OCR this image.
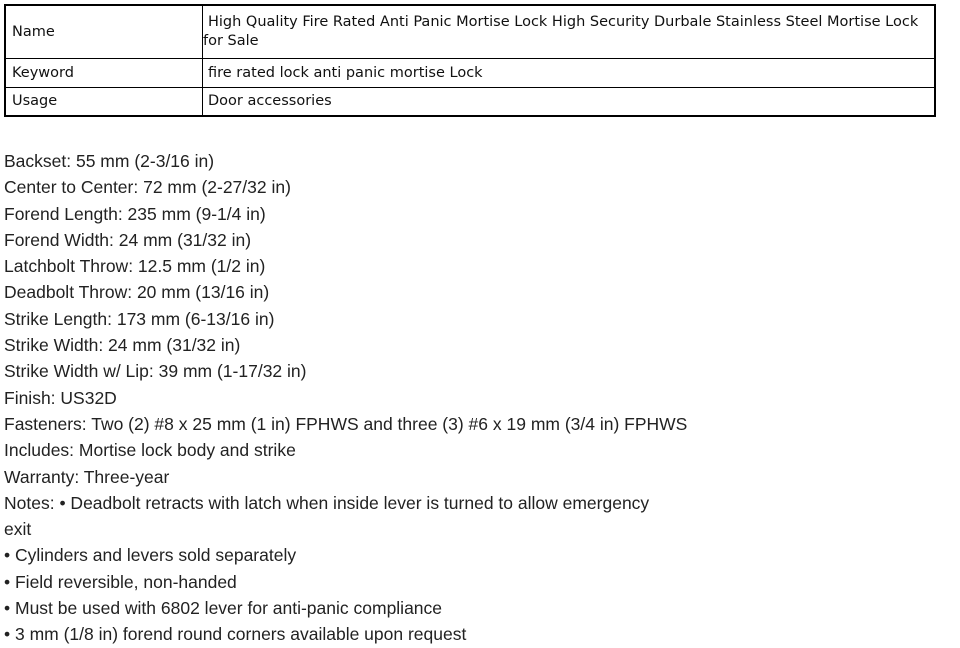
Name	High Quality Fire Rated Anti Panic Mortise Lock High Security Durbale Stainless Steel Mortise Lock for Sale
Keyword	fire rated lock anti panic mortise Lock
Usage	Door accessories
Backset: 55 mm (2-3/16 in)
Center to Center: 72 mm (2-27/32 in)
Forend Length: 235 mm (9-1/4 in)
Forend Width: 24 mm (31/32 in)
Latchbolt Throw: 12.5 mm (1/2 in)
Deadbolt Throw: 20 mm (13/16 in)
Strike Length: 173 mm (6-13/16 in)
Strike Width: 24 mm (31/32 in)
Strike Width w/ Lip: 39 mm (1-17/32 in)
Finish: US32D
Fasteners: Two (2) #8 x 25 mm (1 in) FPHWS and three (3) #6 x 19 mm (3/4 in) FPHWS
Includes: Mortise lock body and strike
Warranty: Three-year
Notes: • Deadbolt retracts with latch when inside lever is turned to allow emergency exit
• Cylinders and levers sold separately
• Field reversible, non-handed
• Must be used with 6802 lever for anti-panic compliance
• 3 mm (1/8 in) forend round corners available upon request
